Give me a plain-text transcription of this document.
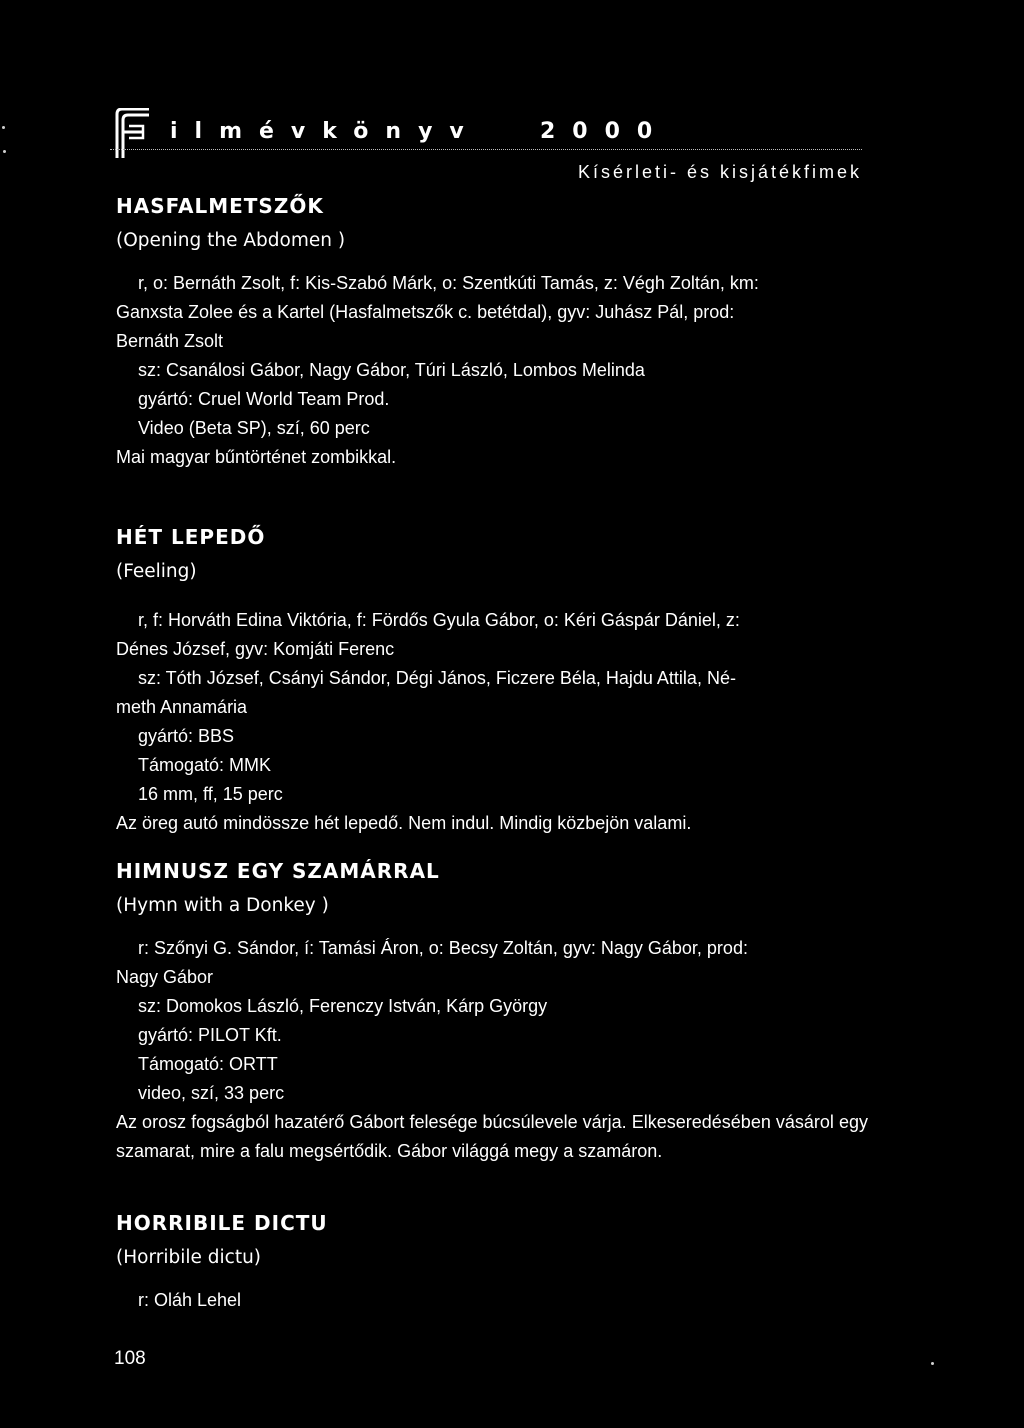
ilmévkönyv	2000
Kísérleti- és kisjátékfimek
HASFALMETSZŐK
(Opening the Abdomen )

r, o: Bernáth Zsolt, f: Kis-Szabó Márk, o: Szentkúti Tamás, z: Végh Zoltán, km:

Ganxsta Zolee és a Kartel (Hasfalmetszők c. betétdal), gyv: Juhász Pál, prod:

Bernáth Zsolt

sz: Csanálosi Gábor, Nagy Gábor, Túri László, Lombos Melinda

gyártó: Cruel World Team Prod.

Video (Beta SP), szí, 60 perc

Mai magyar bűntörténet zombikkal.

HÉT LEPEDŐ
(Feeling)

r, f: Horváth Edina Viktória, f: Fördős Gyula Gábor, o: Kéri Gáspár Dániel, z:

Dénes József, gyv: Komjáti Ferenc

sz: Tóth József, Csányi Sándor, Dégi János, Ficzere Béla, Hajdu Attila, Né-

meth Annamária

gyártó: BBS

Támogató: MMK

16 mm, ff, 15 perc

Az öreg autó mindössze hét lepedő. Nem indul. Mindig közbejön valami.

HIMNUSZ EGY SZAMÁRRAL
(Hymn with a Donkey )

r: Szőnyi G. Sándor, í: Tamási Áron, o: Becsy Zoltán, gyv: Nagy Gábor, prod:

Nagy Gábor

sz: Domokos László, Ferenczy István, Kárp György

gyártó: PILOT Kft.

Támogató: ORTT

video, szí, 33 perc

Az orosz fogságból hazatérő Gábort felesége búcsúlevele várja. Elkeseredésében vásárol egy szamarat, mire a falu megsértődik. Gábor világgá megy a szamáron.

HORRIBILE DICTU
(Horribile dictu)

r: Oláh Lehel

108
